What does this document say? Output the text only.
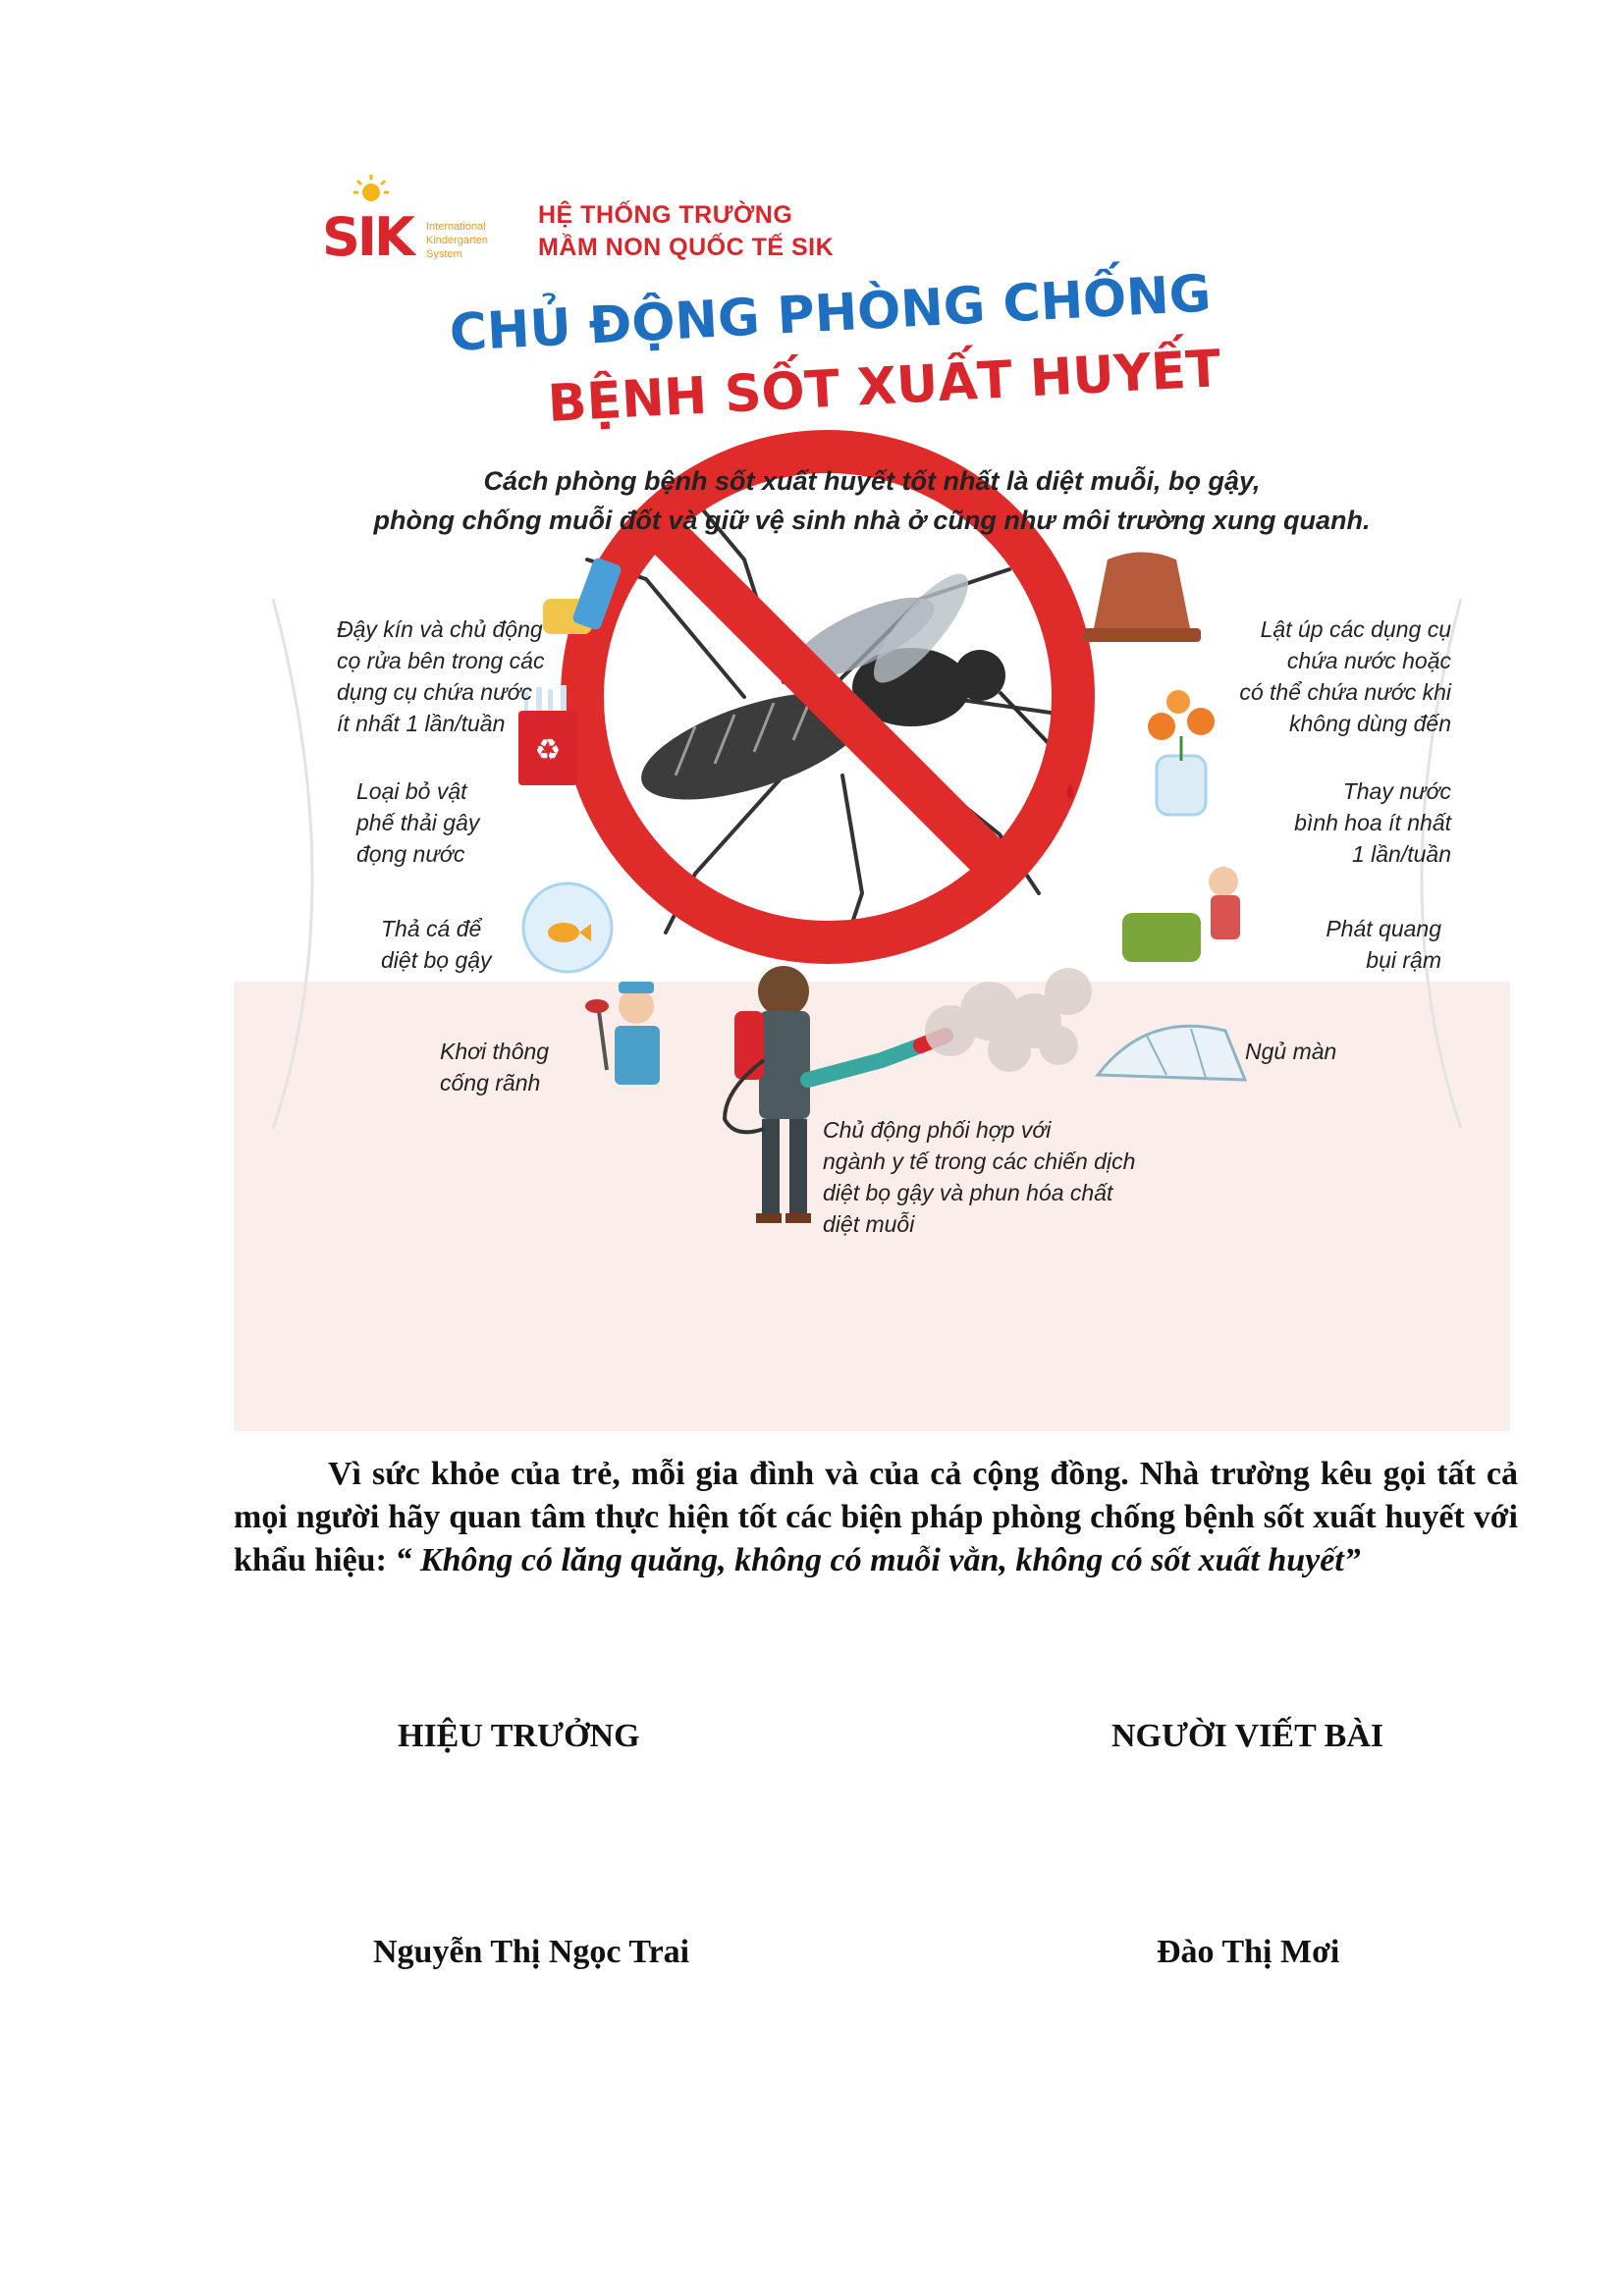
♻
SIK International
Kindergarten
System
HỆ THỐNG TRƯỜNG
MẦM NON QUỐC TẾ SIK
CHỦ ĐỘNG PHÒNG CHỐNG
BỆNH SỐT XUẤT HUYẾT
Cách phòng bệnh sốt xuất huyết tốt nhất là diệt muỗi, bọ gậy,
phòng chống muỗi đốt và giữ vệ sinh nhà ở cũng như môi trường xung quanh.
Đậy kín và chủ động
cọ rửa bên trong các
dụng cụ chứa nước
ít nhất 1 lần/tuần
Loại bỏ vật
phế thải gây
đọng nước
Thả cá để
diệt bọ gậy
Khơi thông
cống rãnh
Lật úp các dụng cụ
chứa nước hoặc
có thể chứa nước khi
không dùng đến
Thay nước
bình hoa ít nhất
1 lần/tuần
Phát quang
bụi rậm
Ngủ màn
Chủ động phối hợp với
ngành y tế trong các chiến dịch
diệt bọ gậy và phun hóa chất
diệt muỗi
Vì sức khỏe của trẻ, mỗi gia đình và của cả cộng đồng. Nhà trường kêu gọi tất cả mọi người hãy quan tâm thực hiện tốt các biện pháp phòng chống bệnh sốt xuất huyết với khẩu hiệu: “ Không có lăng quăng, không có muỗi vằn, không có sốt xuất huyết”
HIỆU TRƯỞNG	NGƯỜI VIẾT BÀI
Nguyễn Thị Ngọc Trai	Đào Thị Mơi
